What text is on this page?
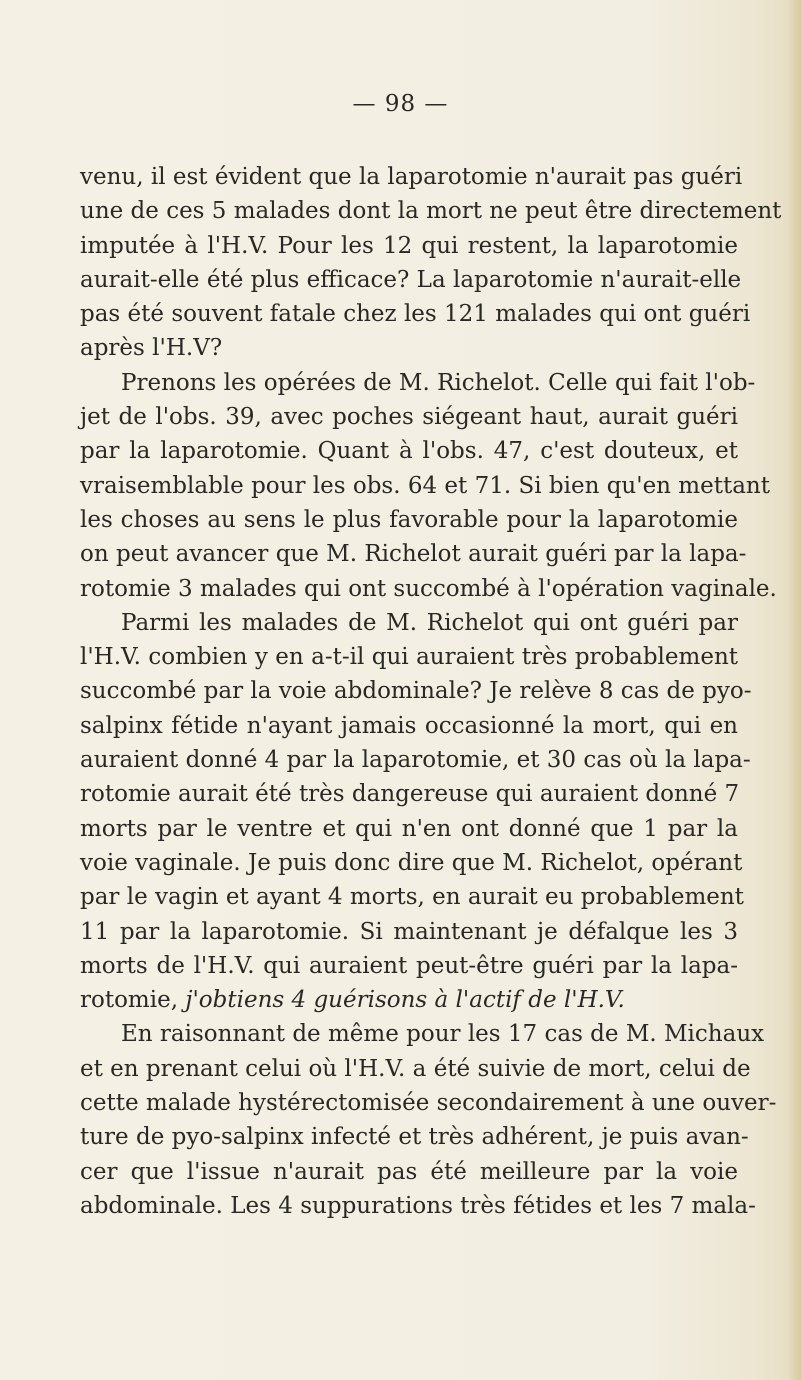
— 98 —
venu, il est évident que la laparotomie n'aurait pas guéri
une de ces 5 malades dont la mort ne peut être directement
imputée à l'H.V. Pour les 12 qui restent, la laparotomie
aurait-elle été plus efficace? La laparotomie n'aurait-elle
pas été souvent fatale chez les 121 malades qui ont guéri
après l'H.V?
Prenons les opérées de M. Richelot. Celle qui fait l'ob-
jet de l'obs. 39, avec poches siégeant haut, aurait guéri
par la laparotomie. Quant à l'obs. 47, c'est douteux, et
vraisemblable pour les obs. 64 et 71. Si bien qu'en mettant
les choses au sens le plus favorable pour la laparotomie
on peut avancer que M. Richelot aurait guéri par la lapa-
rotomie 3 malades qui ont succombé à l'opération vaginale.
Parmi les malades de M. Richelot qui ont guéri par
l'H.V. combien y en a-t-il qui auraient très probablement
succombé par la voie abdominale? Je relève 8 cas de pyo-
salpinx fétide n'ayant jamais occasionné la mort, qui en
auraient donné 4 par la laparotomie, et 30 cas où la lapa-
rotomie aurait été très dangereuse qui auraient donné 7
morts par le ventre et qui n'en ont donné que 1 par la
voie vaginale. Je puis donc dire que M. Richelot, opérant
par le vagin et ayant 4 morts, en aurait eu probablement
11 par la laparotomie. Si maintenant je défalque les 3
morts de l'H.V. qui auraient peut-être guéri par la lapa-
rotomie, j'obtiens 4 guérisons à l'actif de l'H.V.
En raisonnant de même pour les 17 cas de M. Michaux
et en prenant celui où l'H.V. a été suivie de mort, celui de
cette malade hystérectomisée secondairement à une ouver-
ture de pyo-salpinx infecté et très adhérent, je puis avan-
cer que l'issue n'aurait pas été meilleure par la voie
abdominale. Les 4 suppurations très fétides et les 7 mala-
